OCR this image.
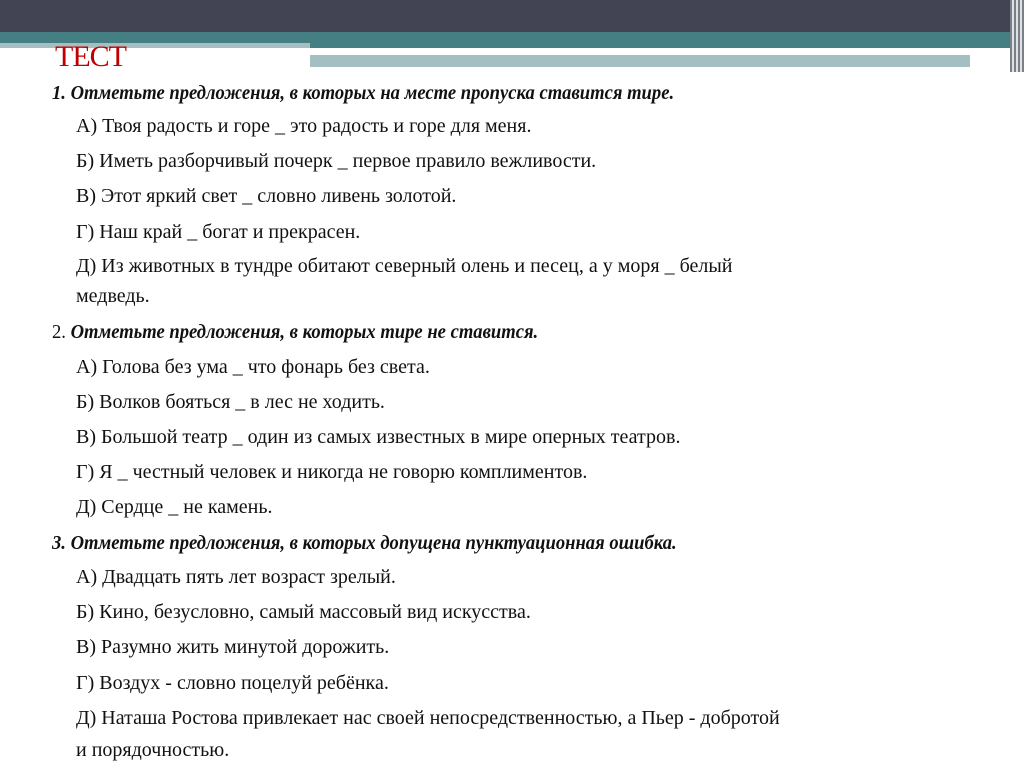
ТЕСТ
1. Отметьте предложения, в которых на месте пропуска ставится тире.
А) Твоя радость и горе _ это радость и горе для меня.
Б) Иметь разборчивый почерк _ первое правило вежливости.
В) Этот яркий свет _ словно ливень золотой.
Г) Наш край _ богат и прекрасен.
Д) Из животных в тундре обитают северный олень и песец, а у моря _ белый
медведь.
2. Отметьте предложения, в которых тире не ставится.
А) Голова без ума _ что фонарь без света.
Б) Волков бояться _ в лес не ходить.
В) Большой театр _ один из самых известных в мире оперных театров.
Г) Я _ честный человек и никогда не говорю комплиментов.
Д) Сердце _ не камень.
3. Отметьте предложения, в которых допущена пунктуационная ошибка.
А) Двадцать пять лет возраст зрелый.
Б) Кино, безусловно, самый массовый вид искусства.
В) Разумно жить минутой дорожить.
Г) Воздух - словно поцелуй ребёнка.
Д) Наташа Ростова привлекает нас своей непосредственностью, а Пьер - добротой
и порядочностью.
